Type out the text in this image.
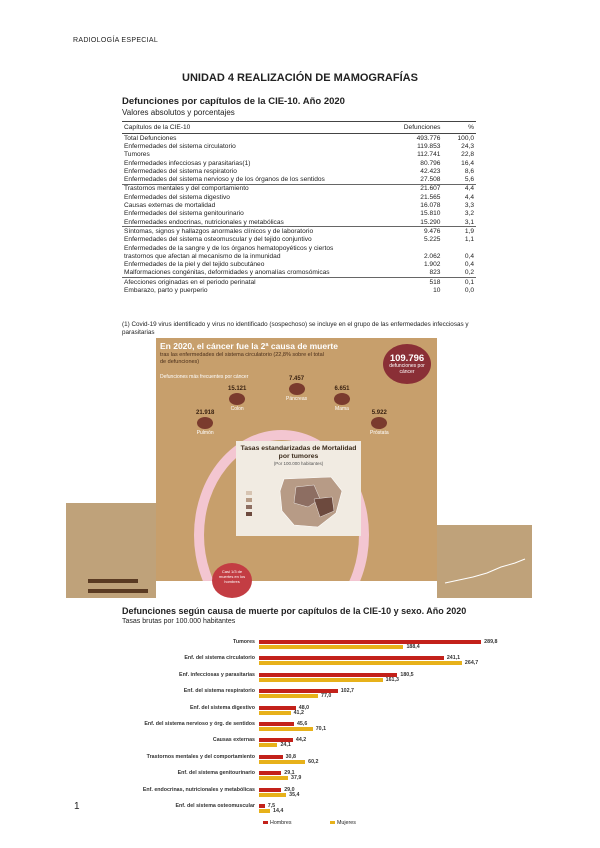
RADIOLOGÍA ESPECIAL
UNIDAD 4 REALIZACIÓN DE MAMOGRAFÍAS
Defunciones por capítulos de la CIE-10. Año 2020
Valores absolutos y porcentajes
Capítulos de la CIE-10	Defunciones	%
Total Defunciones	493.776	100,0
Enfermedades del sistema circulatorio	119.853	24,3
Tumores	112.741	22,8
Enfermedades infecciosas y parasitarias(1)	80.796	16,4
Enfermedades del sistema respiratorio	42.423	8,6
Enfermedades del sistema nervioso y de los órganos de los sentidos	27.508	5,6
Trastornos mentales y del comportamiento	21.607	4,4
Enfermedades del sistema digestivo	21.565	4,4
Causas externas de mortalidad	16.078	3,3
Enfermedades del sistema genitourinario	15.810	3,2
Enfermedades endocrinas, nutricionales y metabólicas	15.290	3,1
Síntomas, signos y hallazgos anormales clínicos y de laboratorio	9.476	1,9
Enfermedades del sistema osteomuscular y del tejido conjuntivo	5.225	1,1
Enfermedades de la sangre y de los órganos hematopoyéticos y ciertos		
trastornos que afectan al mecanismo de la inmunidad	2.062	0,4
Enfermedades de la piel y del tejido subcutáneo	1.902	0,4
Malformaciones congénitas, deformidades y anomalías cromosómicas	823	0,2
Afecciones originadas en el periodo perinatal	518	0,1
Embarazo, parto y puerperio	10	0,0
(1) Covid-19 virus identificado y virus no identificado (sospechoso) se incluye en el grupo de las enfermedades infecciosas y parasitarias
En 2020, el cáncer fue la 2ª causa de muerte
tras las enfermedades del sistema circulatorio (22,8% sobre el total de defunciones)
Defunciones más frecuentes por cáncer
109.796
defunciones por cáncer
21.918
Pulmón
15.121
Colon
7.457
Páncreas
6.651
Mama
5.922
Próstata
Tasas estandarizadas de Mortalidad por tumores
(Por 100.000 habitantes)
Casi 1/3 de muertes en los hombres
Defunciones según causa de muerte por capítulos de la CIE-10 y sexo. Año 2020
Tasas brutas por 100.000 habitantes
Tumores	289,8
188,4
Enf. del sistema circulatorio	241,1
264,7
Enf. infecciosas y parasitarias	180,5
161,3
Enf. del sistema respiratorio	102,7
77,0
Enf. del sistema digestivo	48,0
41,2
Enf. del sistema nervioso y órg. de sentidos	45,6
70,1
Causas externas	44,2
24,1
Trastornos mentales y del comportamiento	30,8
60,2
Enf. del sistema genitourinario	29,1
37,9
Enf. endocrinas, nutricionales y metabólicas	29,0
35,4
Enf. del sistema osteomuscular 7,5
14,4
Hombres	Mujeres
1
